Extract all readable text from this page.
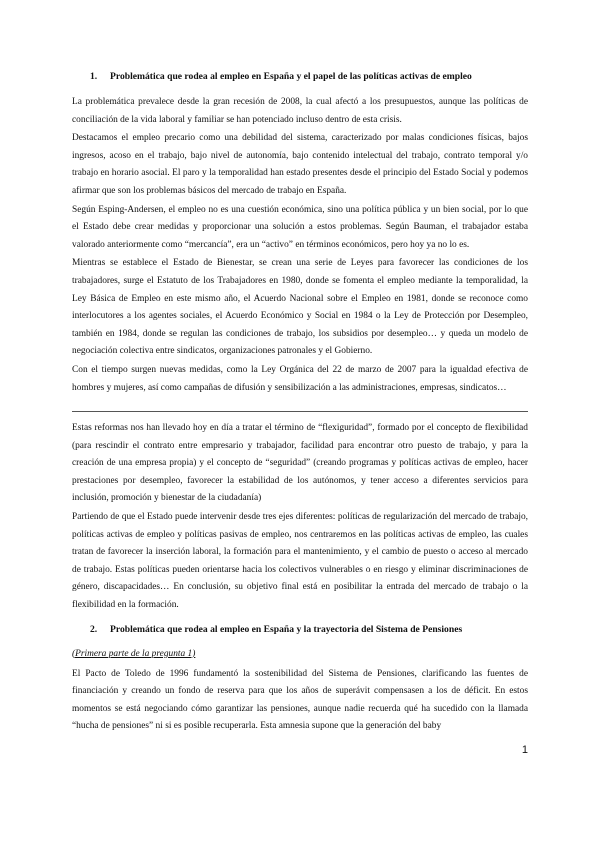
1. Problemática que rodea al empleo en España y el papel de las políticas activas de empleo

La problemática prevalece desde la gran recesión de 2008, la cual afectó a los presupuestos, aunque las políticas de conciliación de la vida laboral y familiar se han potenciado incluso dentro de esta crisis.

Destacamos el empleo precario como una debilidad del sistema, caracterizado por malas condiciones físicas, bajos ingresos, acoso en el trabajo, bajo nivel de autonomía, bajo contenido intelectual del trabajo, contrato temporal y/o trabajo en horario asocial. El paro y la temporalidad han estado presentes desde el principio del Estado Social y podemos afirmar que son los problemas básicos del mercado de trabajo en España.

Según Esping-Andersen, el empleo no es una cuestión económica, sino una política pública y un bien social, por lo que el Estado debe crear medidas y proporcionar una solución a estos problemas. Según Bauman, el trabajador estaba valorado anteriormente como “mercancía”, era un “activo” en términos económicos, pero hoy ya no lo es.

Mientras se establece el Estado de Bienestar, se crean una serie de Leyes para favorecer las condiciones de los trabajadores, surge el Estatuto de los Trabajadores en 1980, donde se fomenta el empleo mediante la temporalidad, la Ley Básica de Empleo en este mismo año, el Acuerdo Nacional sobre el Empleo en 1981, donde se reconoce como interlocutores a los agentes sociales, el Acuerdo Económico y Social en 1984 o la Ley de Protección por Desempleo, también en 1984, donde se regulan las condiciones de trabajo, los subsidios por desempleo… y queda un modelo de negociación colectiva entre sindicatos, organizaciones patronales y el Gobierno.

Con el tiempo surgen nuevas medidas, como la Ley Orgánica del 22 de marzo de 2007 para la igualdad efectiva de hombres y mujeres, así como campañas de difusión y sensibilización a las administraciones, empresas, sindicatos…

Estas reformas nos han llevado hoy en día a tratar el término de “flexiguridad”, formado por el concepto de flexibilidad (para rescindir el contrato entre empresario y trabajador, facilidad para encontrar otro puesto de trabajo, y para la creación de una empresa propia) y el concepto de “seguridad” (creando programas y políticas activas de empleo, hacer prestaciones por desempleo, favorecer la estabilidad de los autónomos, y tener acceso a diferentes servicios para inclusión, promoción y bienestar de la ciudadanía)

Partiendo de que el Estado puede intervenir desde tres ejes diferentes: políticas de regularización del mercado de trabajo, políticas activas de empleo y políticas pasivas de empleo, nos centraremos en las políticas activas de empleo, las cuales tratan de favorecer la inserción laboral, la formación para el mantenimiento, y el cambio de puesto o acceso al mercado de trabajo. Estas políticas pueden orientarse hacia los colectivos vulnerables o en riesgo y eliminar discriminaciones de género, discapacidades… En conclusión, su objetivo final está en posibilitar la entrada del mercado de trabajo o la flexibilidad en la formación.

2. Problemática que rodea al empleo en España y la trayectoria del Sistema de Pensiones
(Primera parte de la pregunta 1)

El Pacto de Toledo de 1996 fundamentó la sostenibilidad del Sistema de Pensiones, clarificando las fuentes de financiación y creando un fondo de reserva para que los años de superávit compensasen a los de déficit. En estos momentos se está negociando cómo garantizar las pensiones, aunque nadie recuerda qué ha sucedido con la llamada “hucha de pensiones” ni si es posible recuperarla. Esta amnesia supone que la generación del baby

1
